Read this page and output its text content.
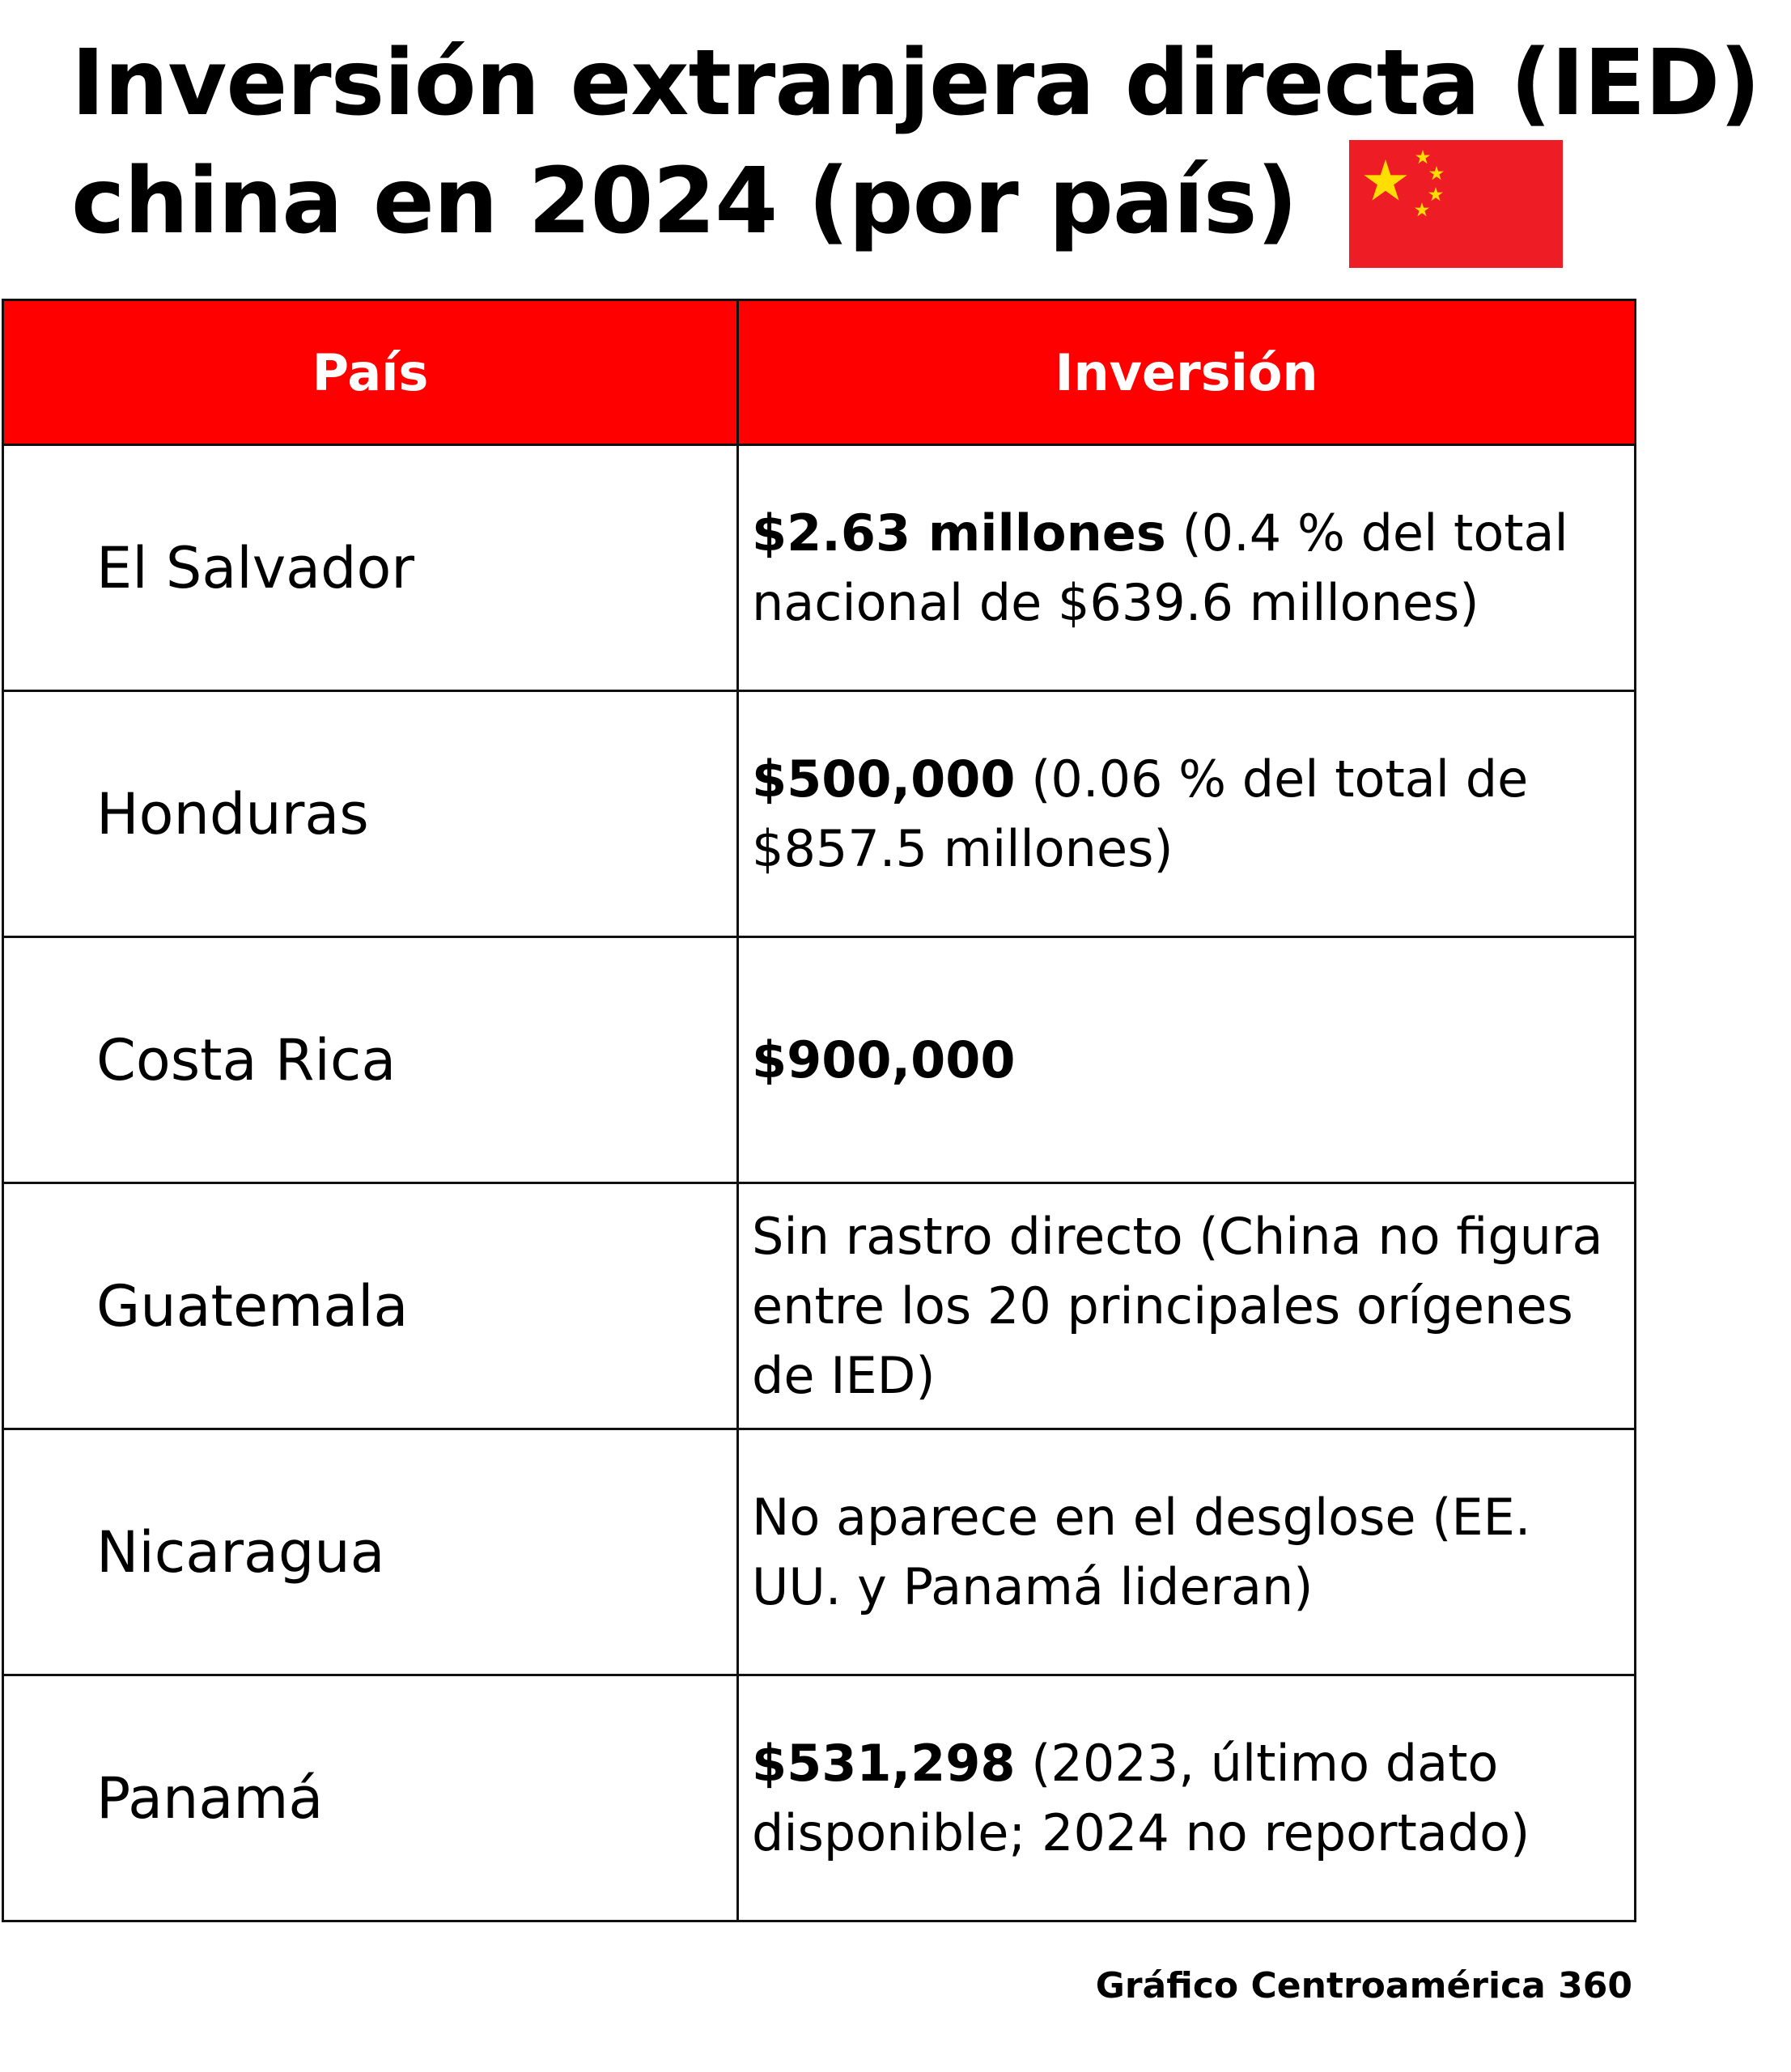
Inversión extranjera directa (IED)
china en 2024 (por país)
País	Inversión
El Salvador	$2.63 millones (0.4 % del total nacional de $639.6 millones)
Honduras	$500,000 (0.06 % del total de $857.5 millones)
Costa Rica	$900,000
Guatemala	Sin rastro directo (China no figura entre los 20 principales orígenes de IED)
Nicaragua	No aparece en el desglose (EE. UU. y Panamá lideran)
Panamá	$531,298 (2023, último dato disponible; 2024 no reportado)
Gráfico Centroamérica 360
